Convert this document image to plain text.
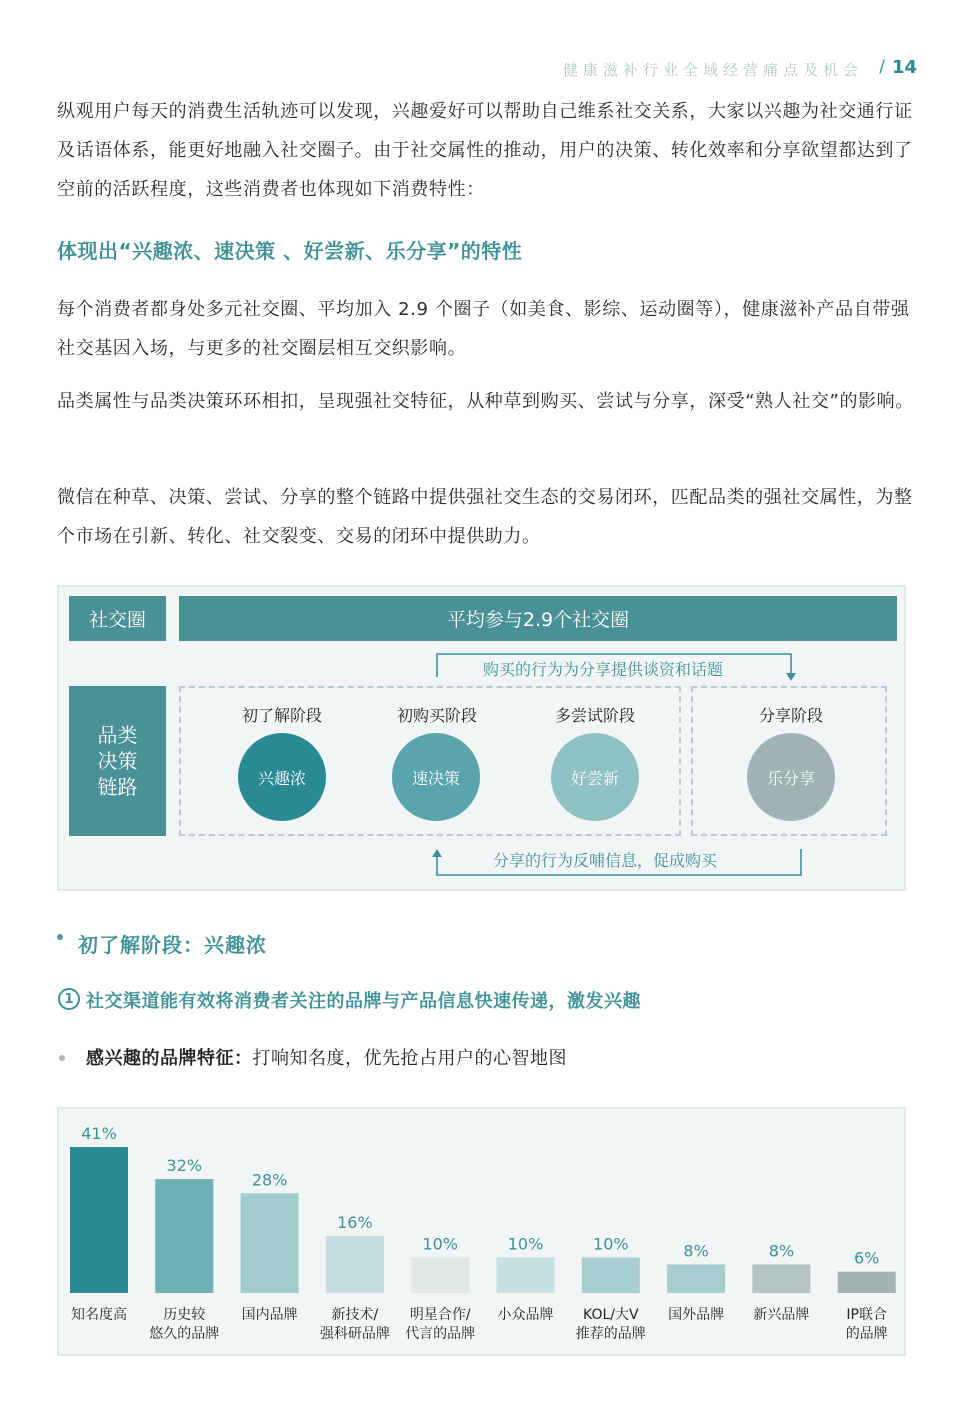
健康滋补行业全域经营痛点及机会 / 14

纵观用户每天的消费生活轨迹可以发现，兴趣爱好可以帮助自己维系社交关系，大家以兴趣为社交通行证及话语体系，能更好地融入社交圈子。由于社交属性的推动，用户的决策、转化效率和分享欲望都达到了空前的活跃程度，这些消费者也体现如下消费特性：

体现出“兴趣浓、速决策 、好尝新、乐分享”的特性

每个消费者都身处多元社交圈、平均加入 2.9 个圈子（如美食、影综、运动圈等），健康滋补产品自带强社交基因入场，与更多的社交圈层相互交织影响。

品类属性与品类决策环环相扣，呈现强社交特征，从种草到购买、尝试与分享，深受“熟人社交”的影响。

微信在种草、决策、尝试、分享的整个链路中提供强社交生态的交易闭环，匹配品类的强社交属性，为整个市场在引新、转化、社交裂变、交易的闭环中提供助力。

社交圈	平均参与2.9个社交圈
品类
决策
链路
购买的行为为分享提供谈资和话题
分享的行为反哺信息，促成购买
初了解阶段	初购买阶段	多尝试阶段	分享阶段
兴趣浓	速决策	好尝新	乐分享
初了解阶段：兴趣浓
1 社交渠道能有效将消费者关注的品牌与产品信息快速传递，激发兴趣
感兴趣的品牌特征：打响知名度，优先抢占用户的心智地图
41%
知名度高
32%
历史较
悠久的品牌
28%
国内品牌
16%
新技术/
强科研品牌
10%
明星合作/
代言的品牌
10%
小众品牌
10%
KOL/大V
推荐的品牌
8%
国外品牌
8%
新兴品牌
6%
IP联合
的品牌
